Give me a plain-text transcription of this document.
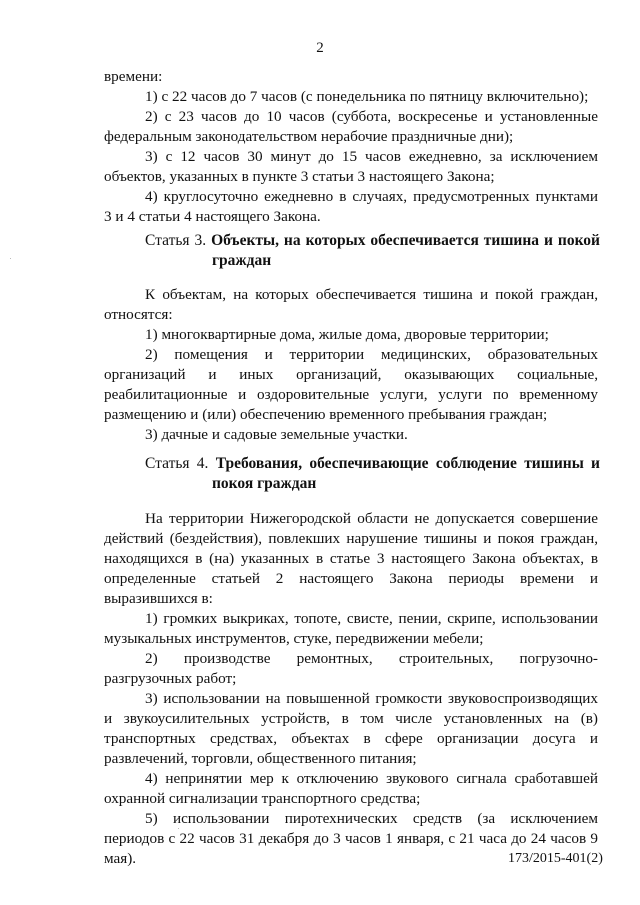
2

времени:

1) с 22 часов до 7 часов (с понедельника по пятницу включительно);

2) с 23 часов до 10 часов (суббота, воскресенье и установленные

федеральным законодательством нерабочие праздничные дни);

3) с 12 часов 30 минут до 15 часов ежедневно, за исключением

объектов, указанных в пункте 3 статьи 3 настоящего Закона;

4) круглосуточно ежедневно в случаях, предусмотренных пунктами

3 и 4 статьи 4 настоящего Закона.

Статья 3. Объекты, на которых обеспечивается тишина и покой
граждан

К объектам, на которых обеспечивается тишина и покой граждан,

относятся:

1) многоквартирные дома, жилые дома, дворовые территории;

2) помещения и территории медицинских, образовательных

организаций и иных организаций, оказывающих социальные,

реабилитационные и оздоровительные услуги, услуги по временному

размещению и (или) обеспечению временного пребывания граждан;

3) дачные и садовые земельные участки.

Статья 4. Требования, обеспечивающие соблюдение тишины и
покоя граждан

На территории Нижегородской области не допускается совершение

действий (бездействия), повлекших нарушение тишины и покоя граждан,

находящихся в (на) указанных в статье 3 настоящего Закона объектах, в

определенные статьей 2 настоящего Закона периоды времени и

выразившихся в:

1) громких выкриках, топоте, свисте, пении, скрипе, использовании

музыкальных инструментов, стуке, передвижении мебели;

2) производстве ремонтных, строительных, погрузочно-

разгрузочных работ;

3) использовании на повышенной громкости звуковоспроизводящих

и звукоусилительных устройств, в том числе установленных на (в)

транспортных средствах, объектах в сфере организации досуга и

развлечений, торговли, общественного питания;

4) непринятии мер к отключению звукового сигнала сработавшей

охранной сигнализации транспортного средства;

5) использовании пиротехнических средств (за исключением

периодов с 22 часов 31 декабря до 3 часов 1 января, с 21 часа до 24 часов 9

мая).	173/2015-401(2)
